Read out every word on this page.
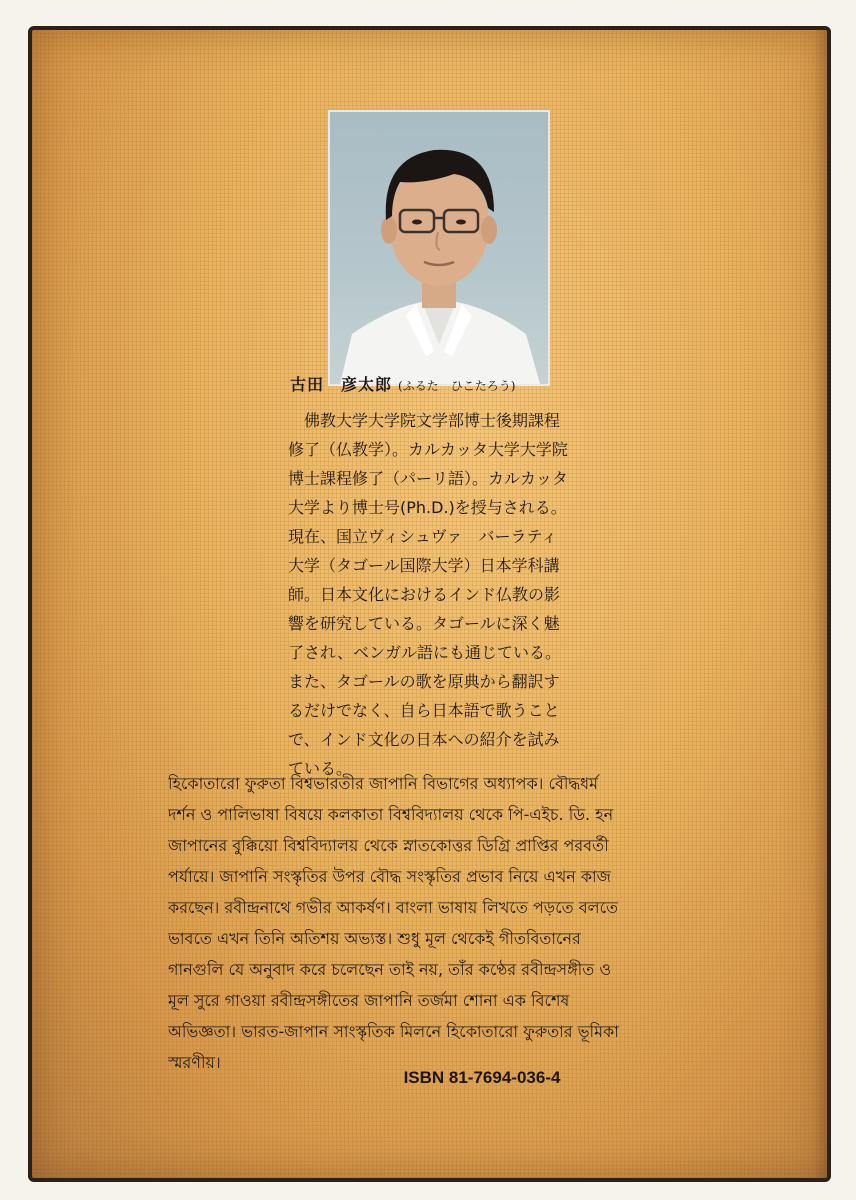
古田　彦太郎 (ふるた　ひこたろう)
　佛教大学大学院文学部博士後期課程
修了（仏教学）。カルカッタ大学大学院
博士課程修了（パーリ語）。カルカッタ
大学より博士号(Ph.D.)を授与される。
現在、国立ヴィシュヴァ　バーラティ
大学（タゴール国際大学）日本学科講
師。日本文化におけるインド仏教の影
響を研究している。タゴールに深く魅
了され、ベンガル語にも通じている。
また、タゴールの歌を原典から翻訳す
るだけでなく、自ら日本語で歌うこと
で、インド文化の日本への紹介を試み
ている。
হিকোতারো ফুরুতা বিশ্বভারতীর জাপানি বিভাগের অধ্যাপক। বৌদ্ধধর্ম
দর্শন ও পালিভাষা বিষয়ে কলকাতা বিশ্ববিদ্যালয় থেকে পি-এইচ. ডি. হন
জাপানের বুক্কিয়ো বিশ্ববিদ্যালয় থেকে স্নাতকোত্তর ডিগ্রি প্রাপ্তির পরবর্তী
পর্যায়ে। জাপানি সংস্কৃতির উপর বৌদ্ধ সংস্কৃতির প্রভাব নিয়ে এখন কাজ
করছেন। রবীন্দ্রনাথে গভীর আকর্ষণ। বাংলা ভাষায় লিখতে পড়তে বলতে
ভাবতে এখন তিনি অতিশয় অভ্যস্ত। শুধু মূল থেকেই গীতবিতানের
গানগুলি যে অনুবাদ করে চলেছেন তাই নয়, তাঁর কণ্ঠের রবীন্দ্রসঙ্গীত ও
মূল সুরে গাওয়া রবীন্দ্রসঙ্গীতের জাপানি তর্জমা শোনা এক বিশেষ
অভিজ্ঞতা। ভারত-জাপান সাংস্কৃতিক মিলনে হিকোতারো ফুরুতার ভূমিকা
স্মরণীয়।
ISBN 81-7694-036-4
